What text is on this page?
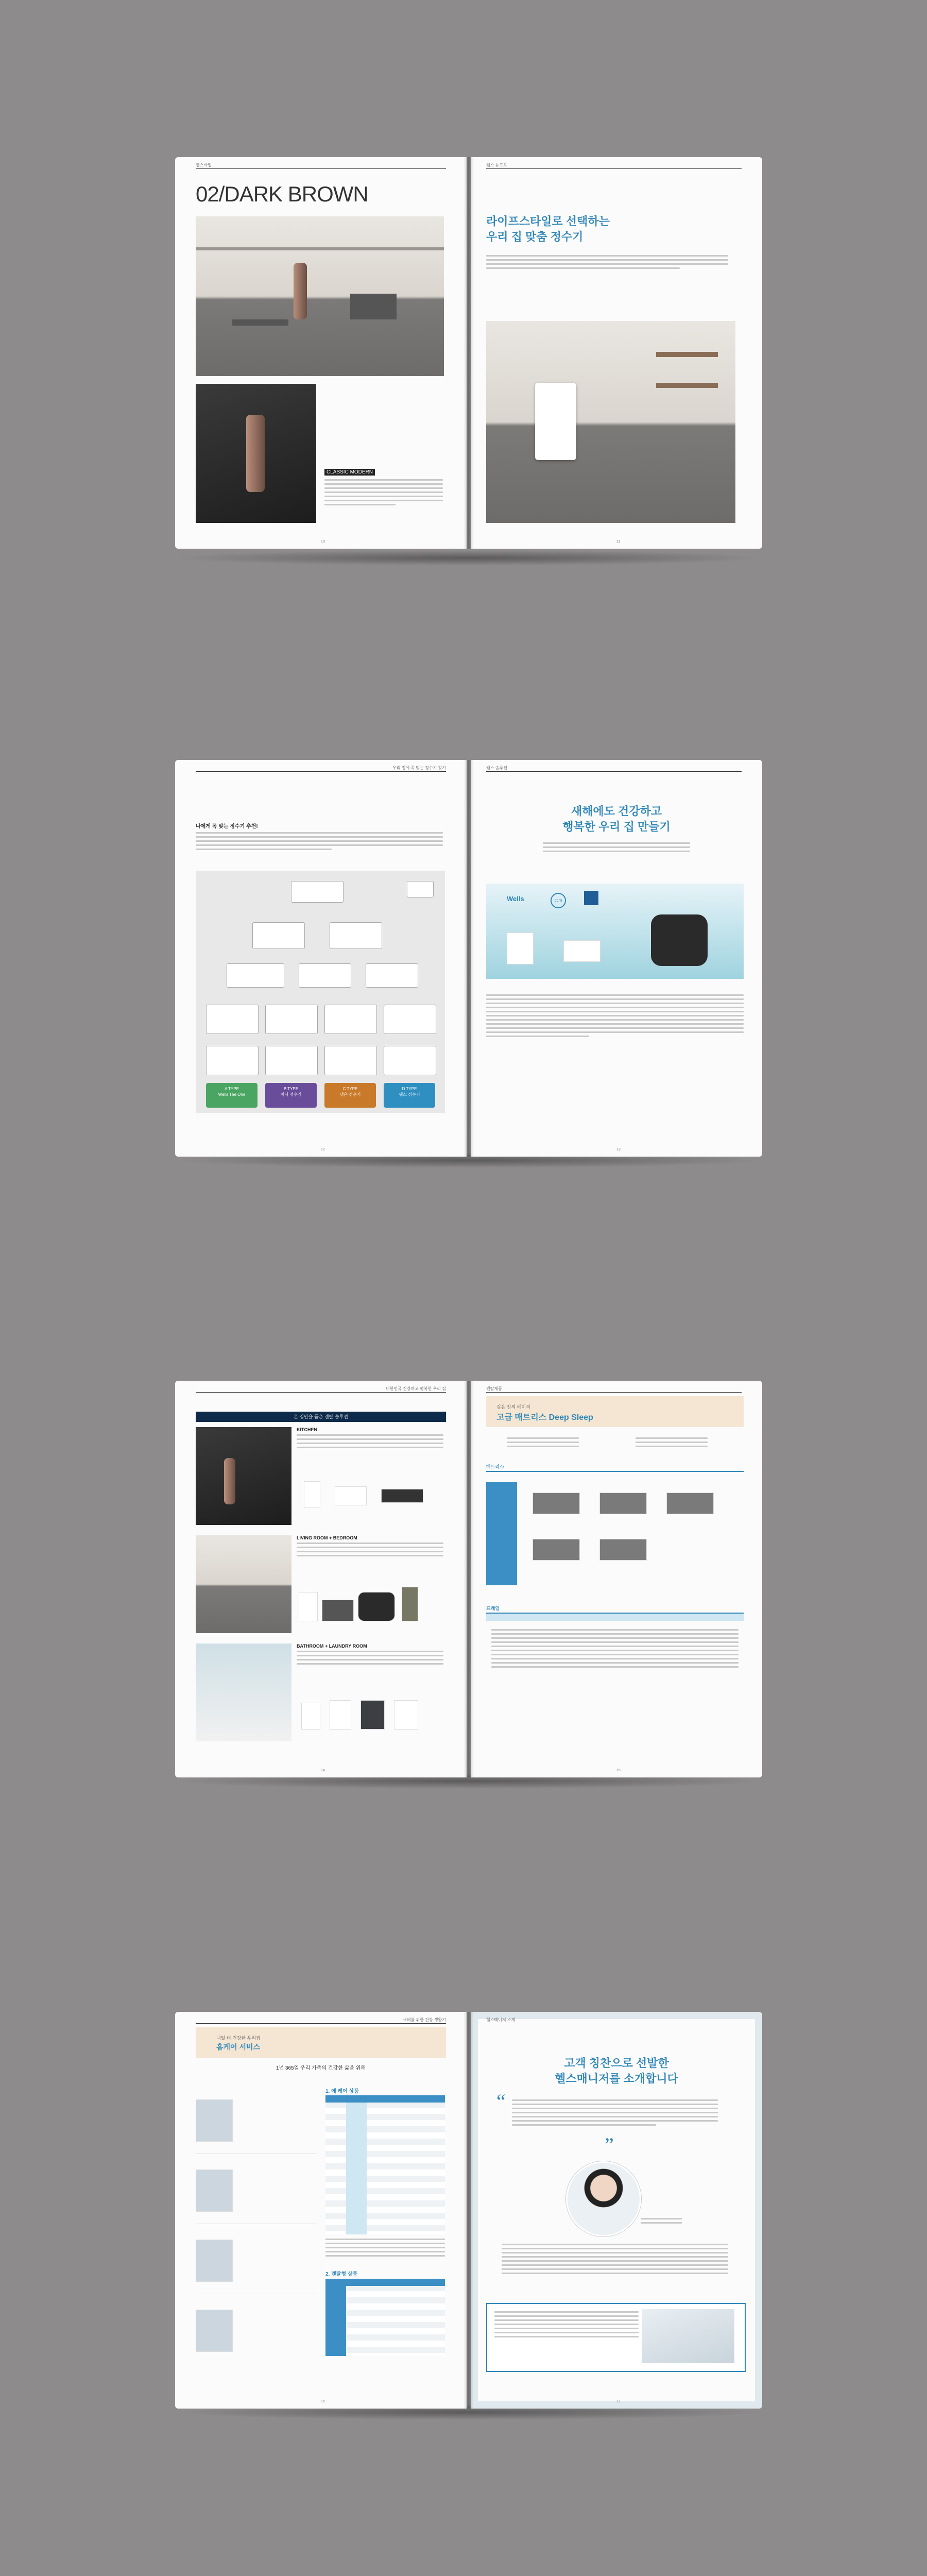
웰스사업
02/DARK BROWN
CLASSIC MODERN
10
웰스 뉴프로
라이프스타일로 선택하는
우리 집 맞춤 정수기
11
우리 집에 꼭 맞는 정수기 찾기
나에게 꼭 맞는 정수기 추천!
A TYPE
Wells The One
B TYPE
미니 정수기
C TYPE
냉온 정수기
D TYPE
웰스 정수기
12
웰스 솔루션
새해에도 건강하고
행복한 우리 집 만들기
Wells	ccm
13
대한민국 건강하고 행복한 우리 집
온 집안을 품은 렌탈 솔루션
KITCHEN
LIVING ROOM + BEDROOM
BATHROOM + LAUNDRY ROOM
14
렌탈제품
깊은 잠의 베이직
고급 매트리스 Deep Sleep
매트리스
프레임
15
새해를 위한 건강 생활기
내일 더 건강한 우리집
홈케어 서비스
1년 365일 우리 가족의 건강한 삶을 위해
1. 에 케어 상품
2. 렌탈형 상품
16
헬스매니저 소개
고객 칭찬으로 선발한
헬스매니저를 소개합니다
“
”
17
